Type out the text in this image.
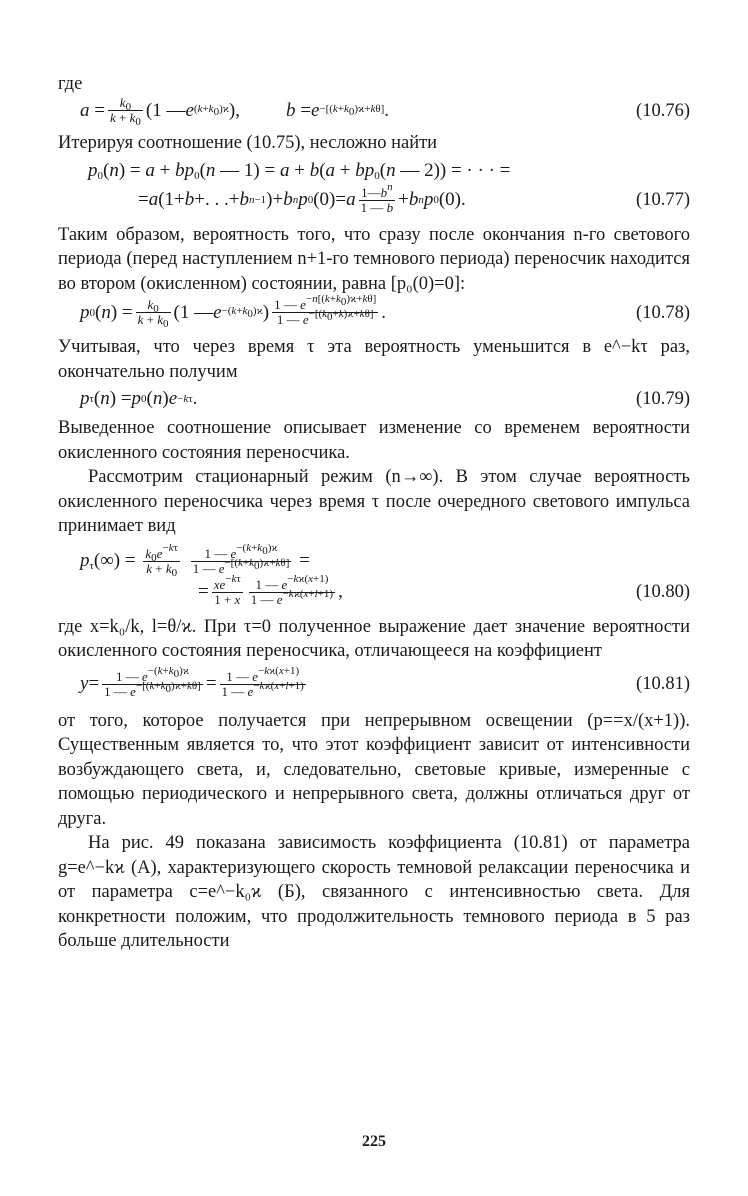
где
$a = \frac{k_0}{k + k_0} (1$ — e $(k+k_0)ϰ$ ), $b = e -[(k+k_0)ϰ+k\theta]$ .	(10.76)

Итерируя соотношение (10.75), несложно найти

$p_0(n) = a + bp_0(n$ — $1) = a + b(a + bp_0(n$ — 2)) = · · · =
= a (1+ b +. . .+ b n−1 )+ b n p 0 (0)= a $\frac{1—b^n}{1 — b} + b$ n p 0 (0).	(10.77)

Таким образом, вероятность того, что сразу после окончания n-го светового периода (перед наступлением n+1-го темнового периода) переносчик находится во втором (окисленном) состоянии, равна [p₀(0)=0]:

p 0 ( n ) = $\frac{k_0}{k + k_0} (1$ — $e -(k+k_0)ϰ$ ) $\frac{1 — e^{-n[(k+k_0)ϰ+k\theta]}}{1 — e^{-[(k_0+k)ϰ+k\theta]}}$ .	(10.78)

Учитывая, что через время τ эта вероятность уменьшится в e^−kτ раз, окончательно получим

p τ ( n ) = p 0 ( n ) e −kτ .	(10.79)

Выведенное соотношение описывает изменение со временем вероятности окисленного состояния переносчика.

Рассмотрим стационарный режим (n→∞). В этом случае вероятность окисленного переносчика через время τ после очередного светового импульса принимает вид

$p_\tau(\infty) = \frac{k_0e^{-k\tau}}{k + k_0}$
$\frac{1 — e^{-(k+k_0)ϰ}}{1 — e^{-[(k+k_0)ϰ+k\theta]}}$ =
= $\frac{xe^{-k\tau}}{1 + x} \frac{1 — e^{-kϰ(x+1)}}{1 — e^{-kϰ(x+l+1)}}$ ,	(10.80)

где x=k₀/k, l=θ/ϰ. При τ=0 полученное выражение дает значение вероятности окисленного состояния переносчика, отличающееся на коэффициент

$y = \frac{1 — e^{-(k+k_0)ϰ}}{1 — e^{-[(k+k_0)ϰ+k\theta]}} = \frac{1 — e^{-kϰ(x+1)}}{1 — e^{-kϰ(x+l+1)}}$	(10.81)

от того, которое получается при непрерывном освещении (p==x/(x+1)). Существенным является то, что этот коэффициент зависит от интенсивности возбуждающего света, и, следовательно, световые кривые, измеренные с помощью периодического и непрерывного света, должны отличаться друг от друга.

На рис. 49 показана зависимость коэффициента (10.81) от параметра g=e^−kϰ (A), характеризующего скорость темновой релаксации переносчика и от параметра c=e^−k₀ϰ (Б), связанного с интенсивностью света. Для конкретности положим, что продолжительность темнового периода в 5 раз больше длительности

225
